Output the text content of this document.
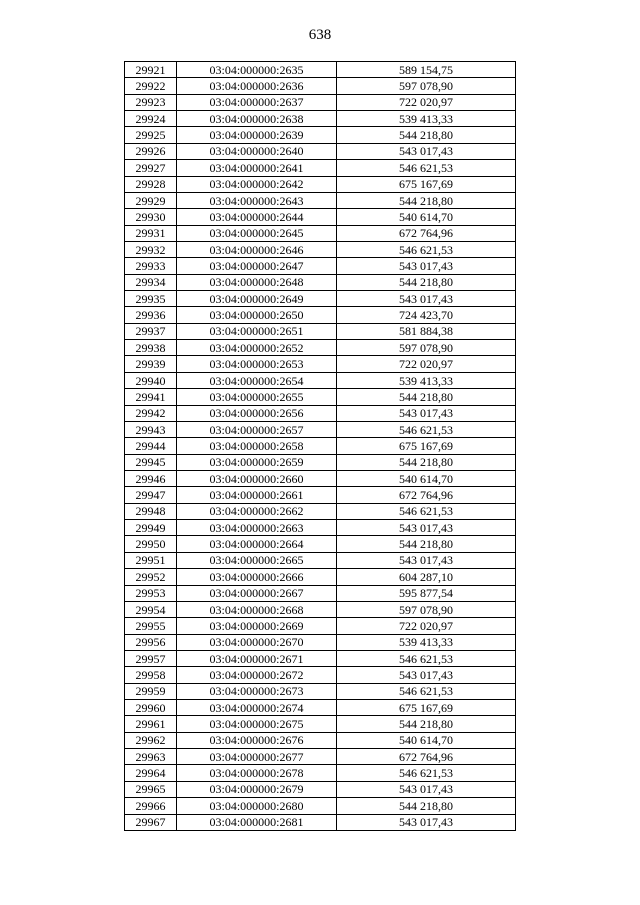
638
29921	03:04:000000:2635	589 154,75
29922	03:04:000000:2636	597 078,90
29923	03:04:000000:2637	722 020,97
29924	03:04:000000:2638	539 413,33
29925	03:04:000000:2639	544 218,80
29926	03:04:000000:2640	543 017,43
29927	03:04:000000:2641	546 621,53
29928	03:04:000000:2642	675 167,69
29929	03:04:000000:2643	544 218,80
29930	03:04:000000:2644	540 614,70
29931	03:04:000000:2645	672 764,96
29932	03:04:000000:2646	546 621,53
29933	03:04:000000:2647	543 017,43
29934	03:04:000000:2648	544 218,80
29935	03:04:000000:2649	543 017,43
29936	03:04:000000:2650	724 423,70
29937	03:04:000000:2651	581 884,38
29938	03:04:000000:2652	597 078,90
29939	03:04:000000:2653	722 020,97
29940	03:04:000000:2654	539 413,33
29941	03:04:000000:2655	544 218,80
29942	03:04:000000:2656	543 017,43
29943	03:04:000000:2657	546 621,53
29944	03:04:000000:2658	675 167,69
29945	03:04:000000:2659	544 218,80
29946	03:04:000000:2660	540 614,70
29947	03:04:000000:2661	672 764,96
29948	03:04:000000:2662	546 621,53
29949	03:04:000000:2663	543 017,43
29950	03:04:000000:2664	544 218,80
29951	03:04:000000:2665	543 017,43
29952	03:04:000000:2666	604 287,10
29953	03:04:000000:2667	595 877,54
29954	03:04:000000:2668	597 078,90
29955	03:04:000000:2669	722 020,97
29956	03:04:000000:2670	539 413,33
29957	03:04:000000:2671	546 621,53
29958	03:04:000000:2672	543 017,43
29959	03:04:000000:2673	546 621,53
29960	03:04:000000:2674	675 167,69
29961	03:04:000000:2675	544 218,80
29962	03:04:000000:2676	540 614,70
29963	03:04:000000:2677	672 764,96
29964	03:04:000000:2678	546 621,53
29965	03:04:000000:2679	543 017,43
29966	03:04:000000:2680	544 218,80
29967	03:04:000000:2681	543 017,43
